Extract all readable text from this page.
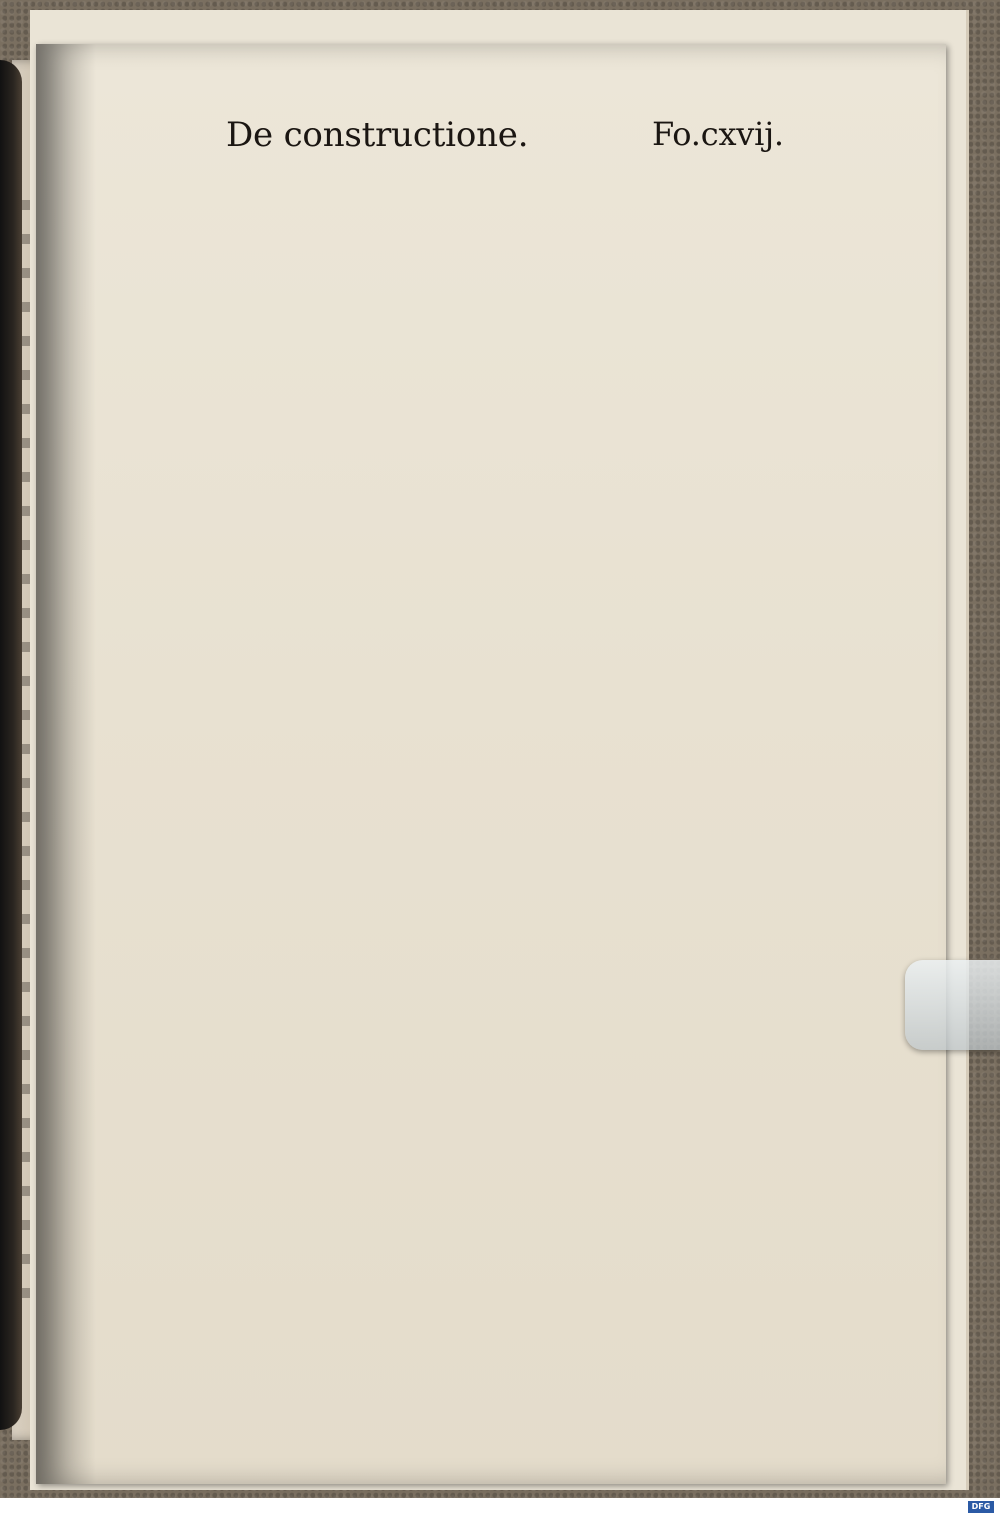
De constructione.	Fo.cxvij.
DFG
